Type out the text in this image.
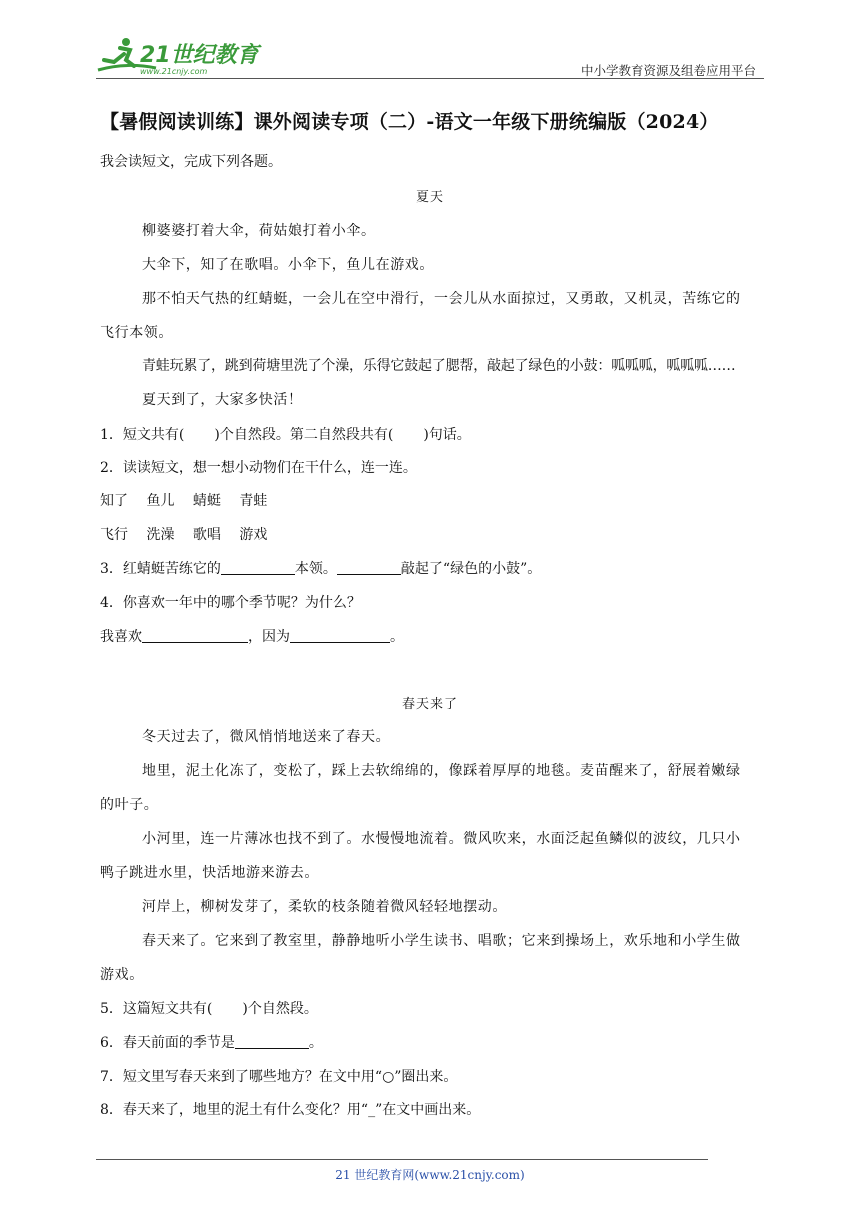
21世纪教育
www.21cnjy.com	中小学教育资源及组卷应用平台
【暑假阅读训练】课外阅读专项（二）-语文一年级下册统编版（2024）
我会读短文，完成下列各题。
夏天
柳婆婆打着大伞，荷姑娘打着小伞。
大伞下，知了在歌唱。小伞下，鱼儿在游戏。
那不怕天气热的红蜻蜓，一会儿在空中滑行，一会儿从水面掠过，又勇敢，又机灵，苦练它的
飞行本领。
青蛙玩累了，跳到荷塘里洗了个澡，乐得它鼓起了腮帮，敲起了绿色的小鼓：呱呱呱，呱呱呱……
夏天到了，大家多快活！
1．短文共有( )个自然段。第二自然段共有( )句话。
2．读读短文，想一想小动物们在干什么，连一连。
知了 鱼儿 蜻蜓 青蛙
飞行 洗澡 歌唱 游戏
3．红蜻蜓苦练它的	本领。	敲起了“绿色的小鼓”。
4．你喜欢一年中的哪个季节呢？为什么？
我喜欢	，因为	。
春天来了
冬天过去了，微风悄悄地送来了春天。
地里，泥土化冻了，变松了，踩上去软绵绵的，像踩着厚厚的地毯。麦苗醒来了，舒展着嫩绿
的叶子。
小河里，连一片薄冰也找不到了。水慢慢地流着。微风吹来，水面泛起鱼鳞似的波纹，几只小
鸭子跳进水里，快活地游来游去。
河岸上，柳树发芽了，柔软的枝条随着微风轻轻地摆动。
春天来了。它来到了教室里，静静地听小学生读书、唱歌；它来到操场上，欢乐地和小学生做
游戏。
5．这篇短文共有( )个自然段。
6．春天前面的季节是	。
7．短文里写春天来到了哪些地方？在文中用“○”圈出来。
8．春天来了，地里的泥土有什么变化？用“_”在文中画出来。
21 世纪教育网(www.21cnjy.com)
